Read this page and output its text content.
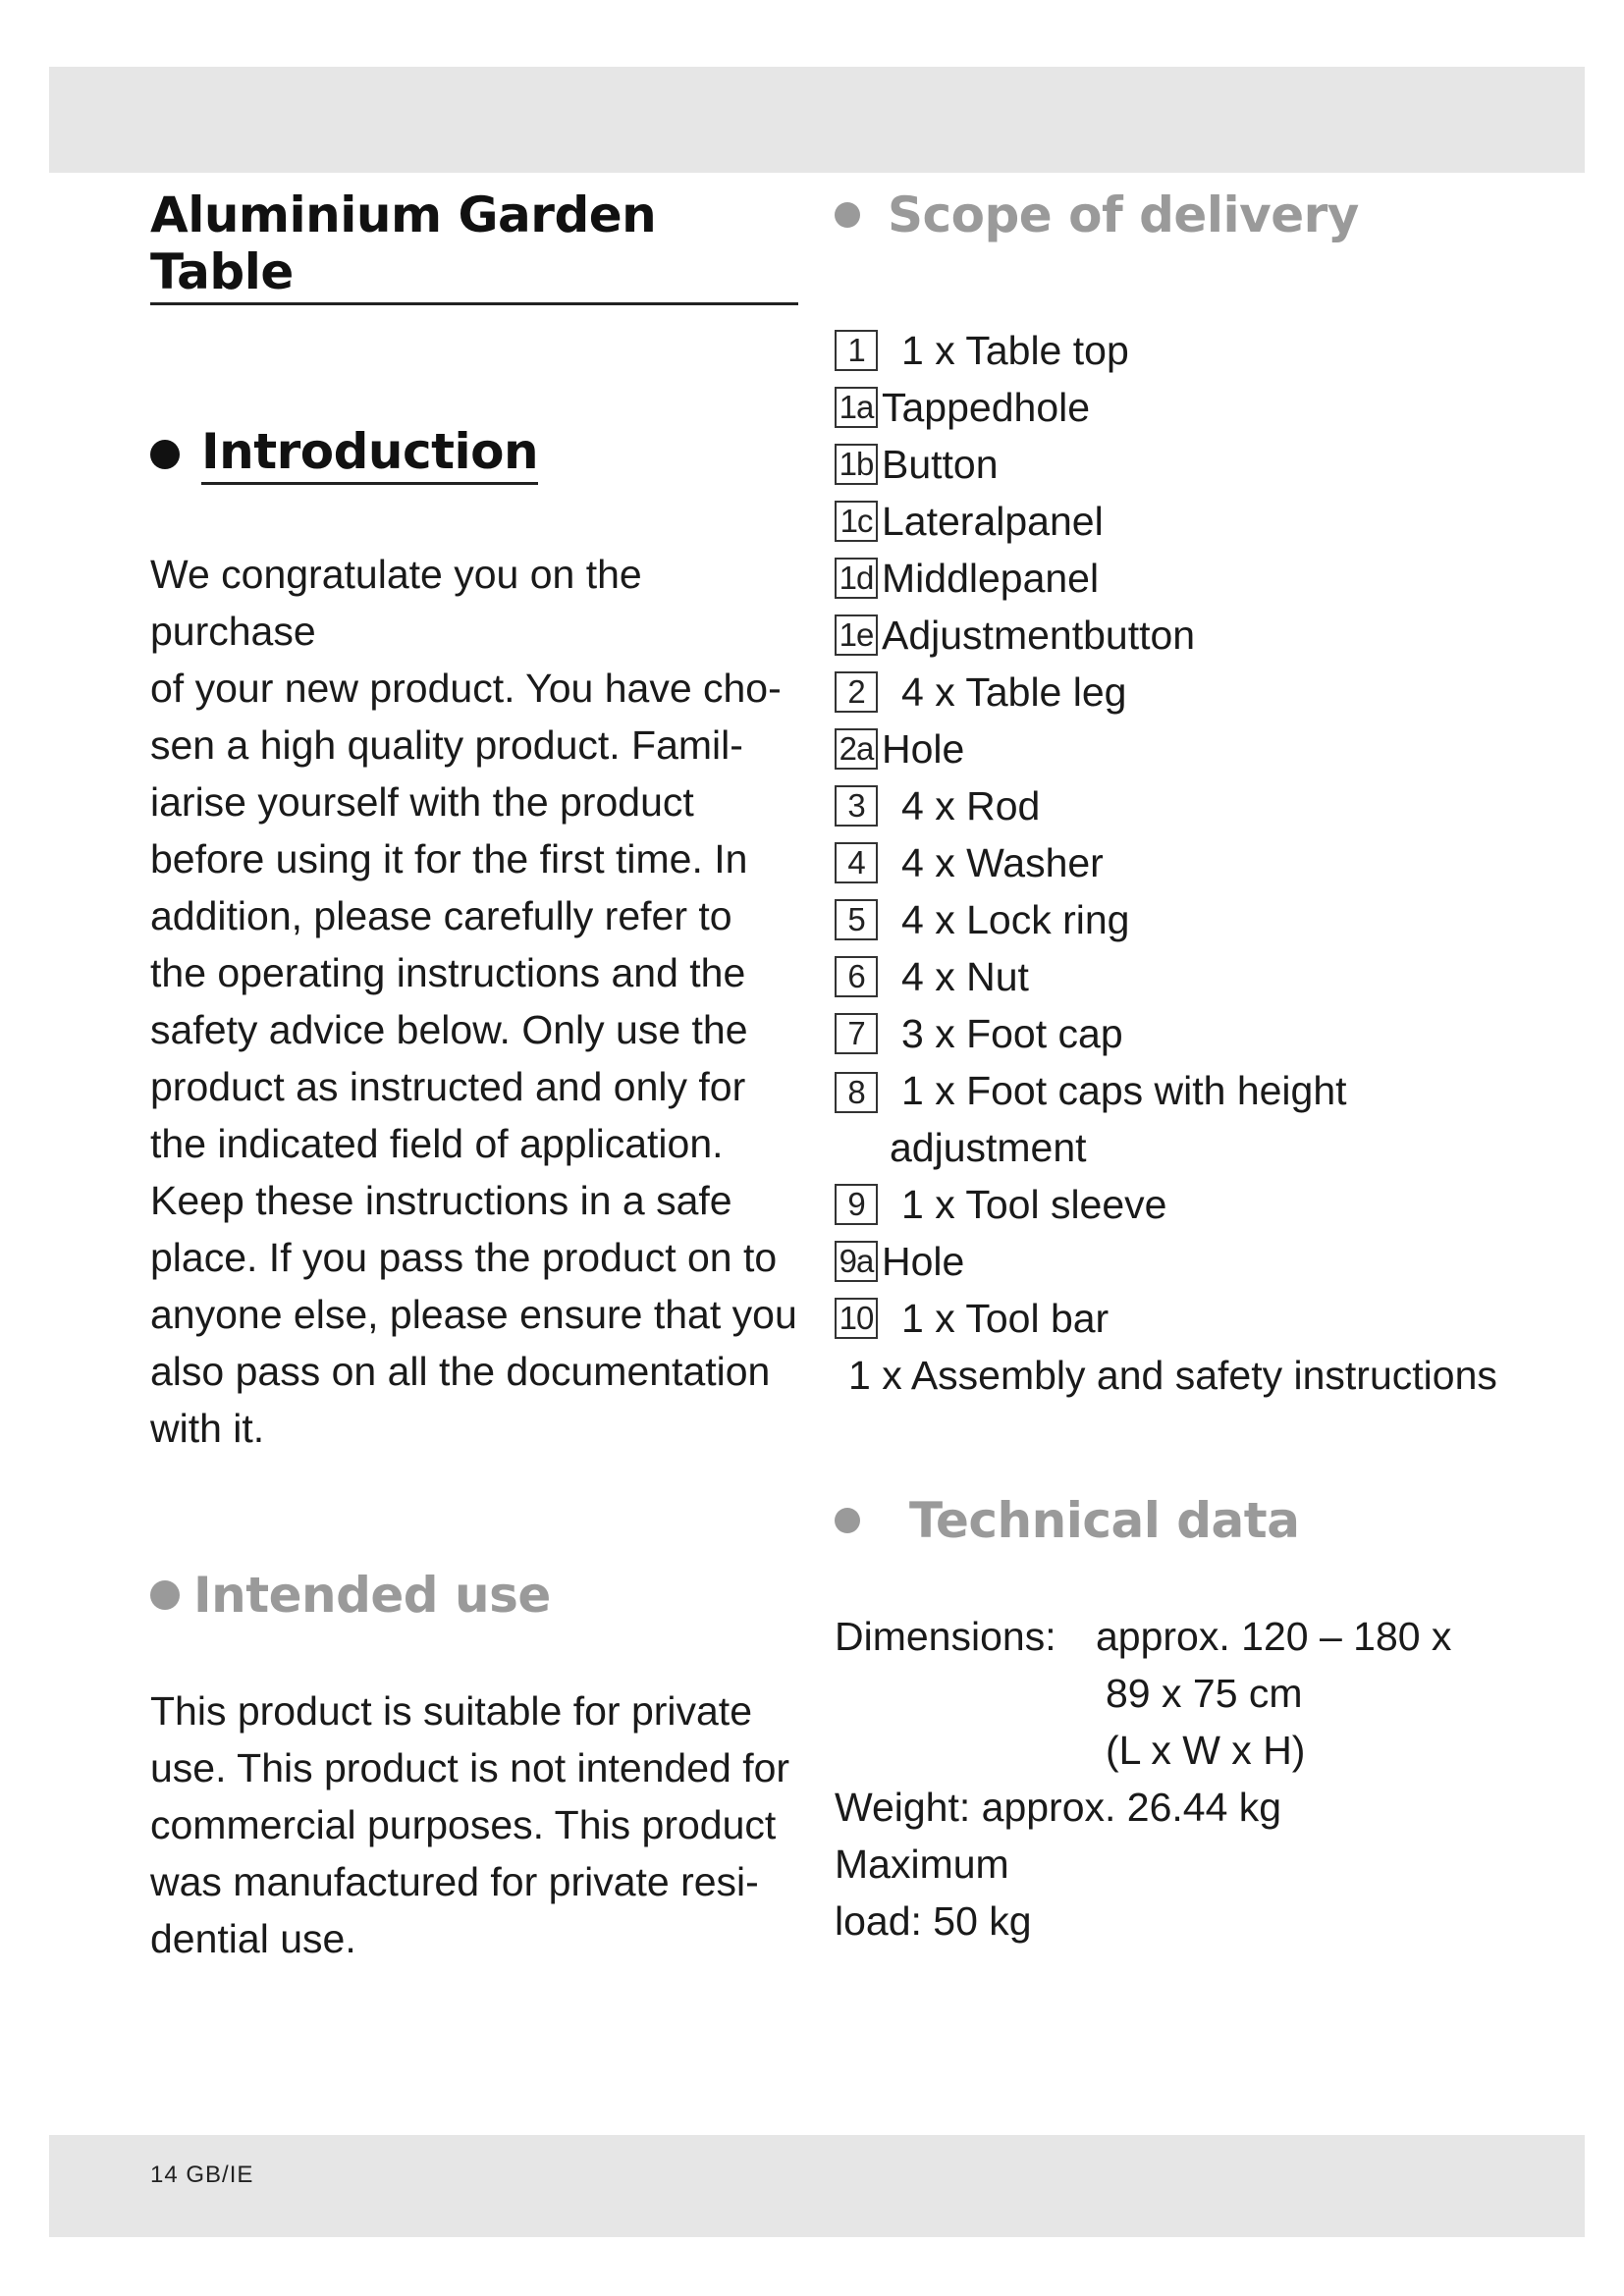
14 GB/IE
Aluminium Garden Table
Introduction

We congratulate you on the purchase
of your new product. You have cho-
sen a high quality product. Famil-
iarise yourself with the product
before using it for the first time. In
addition, please carefully refer to
the operating instructions and the
safety advice below. Only use the
product as instructed and only for
the indicated field of application.
Keep these instructions in a safe
place. If you pass the product on to
anyone else, please ensure that you
also pass on all the documentation
with it.

Intended use

This product is suitable for private
use. This product is not intended for
commercial purposes. This product
was manufactured for private resi-
dential use.

Scope of delivery
1 1 x Table top
1a Tappedhole
1b Button
1c Lateralpanel
1d Middlepanel
1e Adjustmentbutton
2 4 x Table leg
2a Hole
3 4 x Rod
4 4 x Washer
5 4 x Lock ring
6 4 x Nut
7 3 x Foot cap
8 1 x Foot caps with height
adjustment
9 1 x Tool sleeve
9a Hole
10 1 x Tool bar
1 x Assembly and safety instructions
Technical data
Dimensions: approx. 120 – 180 x
89 x 75 cm
(L x W x H)
Weight: approx. 26.44 kg
Maximum
load: 50 kg
